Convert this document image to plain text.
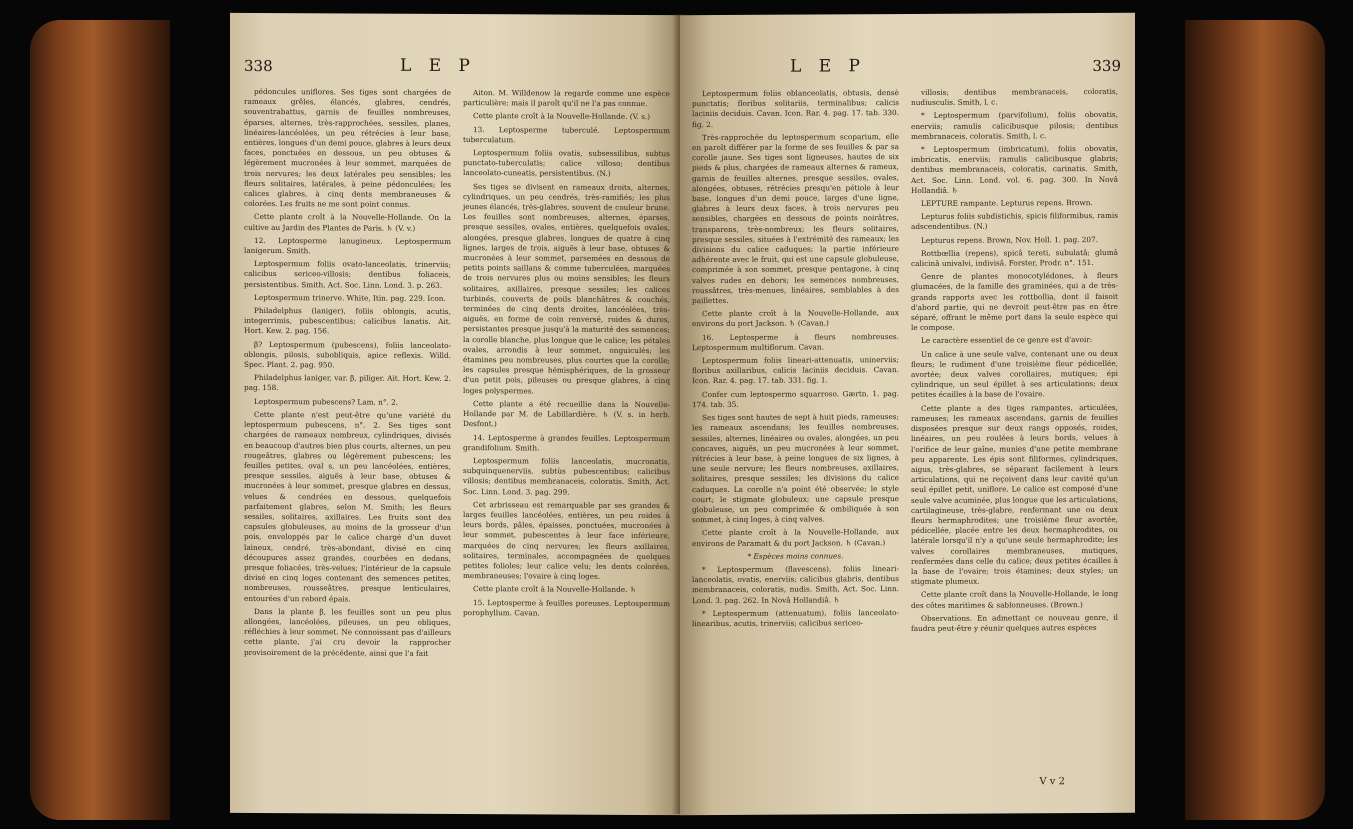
338	L E P

pédoncules uniflores. Ses tiges sont chargées de rameaux grêles, élancés, glabres, cendrés, souventrabattus, garnis de feuilles nombreuses, éparses, alternes, très-rapprochées, sessiles, planes, linéaires-lancéolées, un peu rétrécies à leur base, entières, longues d'un demi pouce, glabres à leurs deux faces, ponctuées en dessous, un peu obtuses & légèrement mucronées à leur sommet, marquées de trois nervures; les deux latérales peu sensibles; les fleurs solitaires, latérales, à peine pédonculées; les calices glabres, à cinq dents membraneuses & colorées. Les fruits ne me sont point connus.

Cette plante croît à la Nouvelle-Hollande. On la cultive au Jardin des Plantes de Paris. ♄ (V. v.)

12. Leptosperme lanugineux. Leptospermum lanigerum. Smith.

Leptospermum foliis ovato-lanceolatis, trinerviis; calicibus sericeo-villosis; dentibus foliaceis, persistentibus. Smith, Act. Soc. Linn. Lond. 3. p. 263.

Leptospermum trinerve. White, Itin. pag. 229. Icon.

Philadelphus (laniger), foliis oblongis, acutis, integerrimis, pubescentibus; calicibus lanatis. Ait. Hort. Kew. 2. pag. 156.

β? Leptospermum (pubescens), foliis lanceolato-oblongis, pilosis, subobliquis, apice reflexis. Willd. Spec. Plant. 2. pag. 950.

Philadelphus laniger, var. β, piliger. Ait. Hort. Kew. 2. pag. 158.

Leptospermum pubescens? Lam. n°. 2.

Cette plante n'est peut-être qu'une variété du leptospermum pubescens, n°. 2. Ses tiges sont chargées de rameaux nombreux, cylindriques, divisés en beaucoup d'autres bien plus courts, alternes, un peu rougeâtres, glabres ou légèrement pubescens; les feuilles petites, oval s, un peu lancéolées, entières, presque sessiles, aiguës à leur base, obtuses & mucronées à leur sommet, presque glabres en dessus, velues & cendrées en dessous, quelquefois parfaitement glabres, selon M. Smith; les fleurs sessiles, solitaires, axillaires. Les fruits sont des capsules globuleuses, au moins de la grosseur d'un pois, enveloppés par le calice chargé d'un duvet laineux, cendré, très-abondant, divisé en cinq découpures assez grandes, courbées en dedans, presque foliacées, très-velues; l'intérieur de la capsule divisé en cinq loges contenant des semences petites, nombreuses, rousseâtres, presque lenticulaires, entourées d'un rebord épais.

Dans la plante β, les feuilles sont un peu plus allongées, lancéolées, pileuses, un peu obliques, réfléchies à leur sommet. Ne connoissant pas d'ailleurs cette plante, j'ai cru devoir la rapprocher provisoirement de la précédente, ainsi que l'a fait

Aiton. M. Willdenow la regarde comme une espèce particulière; mais il paroît qu'il ne l'a pas connue.

Cette plante croît à la Nouvelle-Hollande. (V. s.)

13. Leptosperme tuberculé. Leptospermum tuberculatum.

Leptospermum foliis ovatis, subsessilibus, subtus punctato-tuberculatis; calice villoso; dentibus lanceolato-cuneatis, persistentibus. (N.)

Ses tiges se divisent en rameaux droits, alternes, cylindriques, un peu cendrés, très-ramifiés; les plus jeunes élancés, très-glabres, souvent de couleur brune. Les feuilles sont nombreuses, alternes, éparses, presque sessiles, ovales, entières, quelquefois ovales, alongées, presque glabres, longues de quatre à cinq lignes, larges de trois, aiguës à leur base, obtuses & mucronées à leur sommet, parsemées en dessous de petits points saillans & comme tuberculées, marquées de trois nervures plus ou moins sensibles; les fleurs solitaires, axillaires, presque sessiles; les calices turbinés, couverts de poils blanchâtres & couchés, terminées de cinq dents droites, lancéolées, très-aiguës, en forme de coin renversé, roides & dures, persistantes presque jusqu'à la maturité des semences; la corolle blanche, plus longue que le calice; les pétales ovales, arrondis à leur sommet, onguiculés; les étamines peu nombreuses, plus courtes que la corolle; les capsules presque hémisphériques, de la grosseur d'un petit pois, pileuses ou presque glabres, à cinq loges polyspermes.

Cette plante a été recueillie dans la Nouvelle-Hollande par M. de Labillardière. ♄ (V. s. in herb. Desfont.)

14. Leptosperme à grandes feuilles. Leptospermum grandifolium. Smith.

Leptospermum foliis lanceolatis, mucronatis, subquinquenerviis, subtùs pubescentibus; calicibus villosis; dentibus membranaceis, coloratis. Smith, Act. Soc. Linn. Lond. 3. pag. 299.

Cet arbrisseau est remarquable par ses grandes & larges feuilles lancéolées, entières, un peu roides à leurs bords, pâles, épaisses, ponctuées, mucronées à leur sommet, pubescentes à leur face inférieure, marquées de cinq nervures; les fleurs axillaires, solitaires, terminales, accompagnées de quelques petites folioles; leur calice velu; les dents colorées, membraneuses; l'ovaire à cinq loges.

Cette plante croît à la Nouvelle-Hollande. ♄

15. Leptosperme à feuilles poreuses. Leptospermum porophyllum. Cavan.

L E P	339

Leptospermum foliis oblanceolatis, obtusis, densè punctatis; floribus solitariis, terminalibus; calicis laciniis deciduis. Cavan. Icon. Rar. 4. pag. 17. tab. 330. fig. 2.

Très-rapprochée du leptospermum scoparium, elle en paroît différer par la forme de ses feuilles & par sa corolle jaune. Ses tiges sont ligneuses, hautes de six pieds & plus, chargées de rameaux alternes & rameux, garnis de feuilles alternes, presque sessiles, ovales, alongées, obtuses, rétrécies presqu'en pétiole à leur base, longues d'un demi pouce, larges d'une ligne, glabres à leurs deux faces, à trois nervures peu sensibles, chargées en dessous de points noirâtres, transparens, très-nombreux; les fleurs solitaires, presque sessiles, situées à l'extrémité des rameaux; les divisions du calice caduques; la partie inférieure adhérente avec le fruit, qui est une capsule globuleuse, comprimée à son sommet, presque pentagone, à cinq valves rudes en dehors; les semences nombreuses, roussâtres, très-menues, linéaires, semblables à des paillettes.

Cette plante croît à la Nouvelle-Hollande, aux environs du port Jackson. ♄ (Cavan.)

16. Leptosperme à fleurs nombreuses. Leptospermum multiflorum. Cavan.

Leptospermum foliis lineari-attenuatis, uninerviis; floribus axillaribus, calicis laciniis deciduis. Cavan. Icon. Rar. 4. pag. 17. tab. 331. fig. 1.

Confer cum leptospermo squarroso. Gærtn. 1. pag. 174. tab. 35.

Ses tiges sont hautes de sept à huit pieds, rameuses; les rameaux ascendans; les feuilles nombreuses, sessiles, alternes, linéaires ou ovales, alongées, un peu concaves, aiguës, un peu mucronées à leur sommet, rétrécies à leur base, à peine longues de six lignes, à une seule nervure; les fleurs nombreuses, axillaires, solitaires, presque sessiles; les divisions du calice caduques. La corolle n'a point été observée; le style court; le stigmate globuleux; une capsule presque globuleuse, un peu comprimée & ombiliquée à son sommet, à cinq loges, à cinq valves.

Cette plante croît à la Nouvelle-Hollande, aux environs de Paramatt & du port Jackson. ♄ (Cavan.)

* Espèces moins connues.

* Leptospermum (flavescens), foliis lineari-lanceolatis, ovatis, enerviis; calicibus glabris, dentibus membranaceis, coloratis, nudis. Smith, Act. Soc. Linn. Lond. 3. pag. 262. In Novâ Hollandiâ. ♄

* Leptospermum (attenuatum), foliis lanceolato-linearibus, acutis, trinerviis; calicibus sericeo-

villosis; dentibus membranaceis, coloratis, nudiusculis. Smith, l. c.

* Leptospermum (parvifolium), foliis obovatis, enerviis; ramulis calicibusque pilosis; dentibus membranaceis, coloratis. Smith, l. c.

* Leptospermum (imbricatum), foliis obovatis, imbricatis, enerviis; ramulis calicibusque glabris; dentibus membranaceis, coloratis, carinatis. Smith, Act. Soc. Linn. Lond. vol. 6. pag. 300. In Novâ Hollandiâ. ♄

LEPTURE rampante. Lepturus repens. Brown.

Lepturus foliis subdistichis, spicis filiformibus, ramis adscendentibus. (N.)

Lepturus repens. Brown, Nov. Holl. 1. pag. 207.

Rottbœllia (repens), spicâ tereti, subulatâ; glumâ calicinâ univalvi, indivisâ. Forster, Prodr. n°. 151.

Genre de plantes monocotylédones, à fleurs glumacées, de la famille des graminées, qui a de très-grands rapports avec les rottbollia, dont il faisoit d'abord partie, qui ne devroit peut-être pas en être séparé, offrant le même port dans la seule espèce qui le compose.

Le caractère essentiel de ce genre est d'avoir:

Un calice à une seule valve, contenant une ou deux fleurs; le rudiment d'une troisième fleur pédicellée, avortée; deux valves corollaires, mutiques; épi cylindrique, un seul épillet à ses articulations; deux petites écailles à la base de l'ovaire.

Cette plante a des tiges rampantes, articulées, rameuses; les rameaux ascendans, garnis de feuilles disposées presque sur deux rangs opposés, roides, linéaires, un peu roulées à leurs bords, velues à l'orifice de leur gaîne, munies d'une petite membrane peu apparente. Les épis sont filiformes, cylindriques, aigus, très-glabres, se séparant facilement à leurs articulations, qui ne reçoivent dans leur cavité qu'un seul épillet petit, uniflore. Le calice est composé d'une seule valve acuminée, plus longue que les articulations, cartilagineuse, très-glabre, renfermant une ou deux fleurs hermaphrodites; une troisième fleur avortée, pédicellée, placée entre les deux hermaphrodites, ou latérale lorsqu'il n'y a qu'une seule hermaphrodite; les valves corollaires membraneuses, mutiques, renfermées dans celle du calice; deux petites écailles à la base de l'ovaire; trois étamines; deux styles; un stigmate plumeux.

Cette plante croît dans la Nouvelle-Hollande, le long des côtes maritimes & sablonneuses. (Brown.)

Observations. En admettant ce nouveau genre, il faudra peut-être y réunir quelques autres espèces

V v 2
